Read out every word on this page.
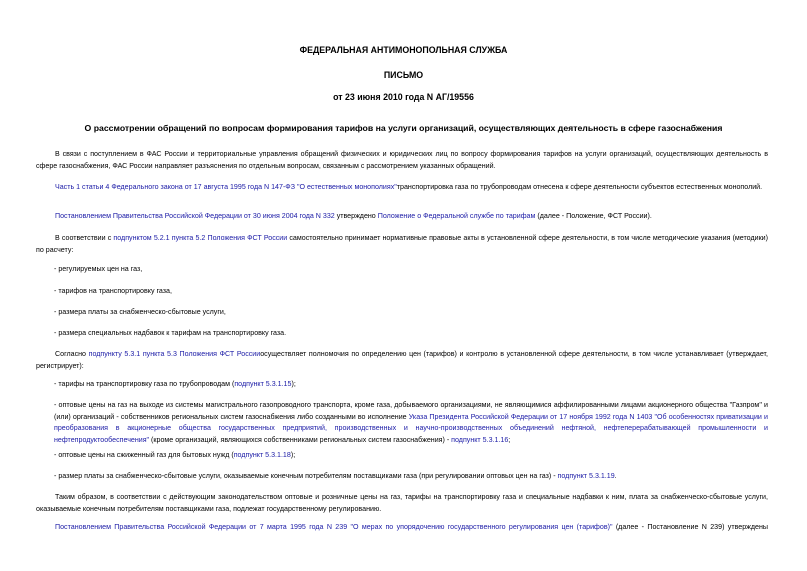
ФЕДЕРАЛЬНАЯ АНТИМОНОПОЛЬНАЯ СЛУЖБА
ПИСЬМО
от 23 июня 2010 года N АГ/19556
О рассмотрении обращений по вопросам формирования тарифов на услуги организаций, осуществляющих деятельность в сфере газоснабжения
В связи с поступлением в ФАС России и территориальные управления обращений физических и юридических лиц по вопросу формирования тарифов на услуги организаций, осуществляющих деятельность в сфере газоснабжения, ФАС России направляет разъяснения по отдельным вопросам, связанным с рассмотрением указанных обращений.
Часть 1 статьи 4 Федерального закона от 17 августа 1995 года N 147-ФЗ "О естественных монополиях"транспортировка газа по трубопроводам отнесена к сфере деятельности субъектов естественных монополий.
Постановлением Правительства Российской Федерации от 30 июня 2004 года N 332 утверждено Положение о Федеральной службе по тарифам (далее - Положение, ФСТ России).
В соответствии с подпунктом 5.2.1 пункта 5.2 Положения ФСТ России самостоятельно принимает нормативные правовые акты в установленной сфере деятельности, в том числе методические указания (методики) по расчету:
- регулируемых цен на газ,
- тарифов на транспортировку газа,
- размера платы за снабженческо-сбытовые услуги,
- размера специальных надбавок к тарифам на транспортировку газа.
Согласно подпункту 5.3.1 пункта 5.3 Положения ФСТ Россииосуществляет полномочия по определению цен (тарифов) и контролю в установленной сфере деятельности, в том числе устанавливает (утверждает, регистрирует):
- тарифы на транспортировку газа по трубопроводам (подпункт 5.3.1.15);
- оптовые цены на газ на выходе из системы магистрального газопроводного транспорта, кроме газа, добываемого организациями, не являющимися аффилированными лицами акционерного общества "Газпром" и (или) организаций - собственников региональных систем газоснабжения либо созданными во исполнение Указа Президента Российской Федерации от 17 ноября 1992 года N 1403 "Об особенностях приватизации и преобразования в акционерные общества государственных предприятий, производственных и научно-производственных объединений нефтяной, нефтеперерабатывающей промышленности и нефтепродуктообеспечения" (кроме организаций, являющихся собственниками региональных систем газоснабжения) - подпункт 5.3.1.16;
- оптовые цены на сжиженный газ для бытовых нужд (подпункт 5.3.1.18);
- размер платы за снабженческо-сбытовые услуги, оказываемые конечным потребителям поставщиками газа (при регулировании оптовых цен на газ) - подпункт 5.3.1.19.
Таким образом, в соответствии с действующим законодательством оптовые и розничные цены на газ, тарифы на транспортировку газа и специальные надбавки к ним, плата за снабженческо-сбытовые услуги, оказываемые конечным потребителям поставщиками газа, подлежат государственному регулированию.
Постановлением Правительства Российской Федерации от 7 марта 1995 года N 239 "О мерах по упорядочению государственного регулирования цен (тарифов)" (далее - Постановление N 239) утверждены
